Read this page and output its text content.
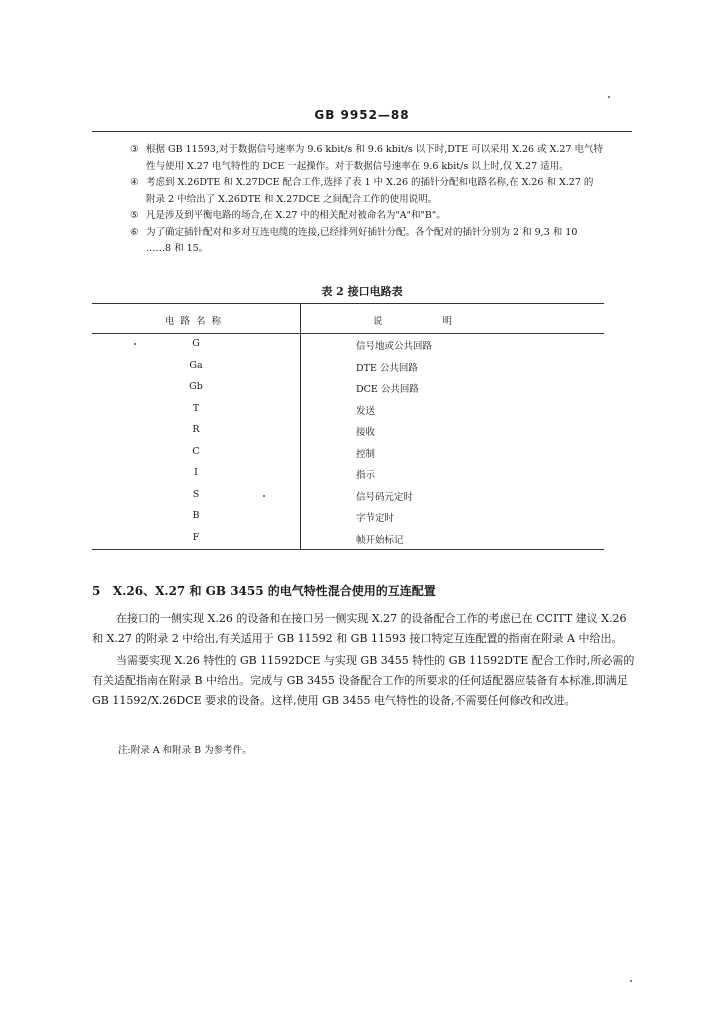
GB 9952—88
③ 根据 GB 11593,对于数据信号速率为 9.6 kbit/s 和 9.6 kbit/s 以下时,DTE 可以采用 X.26 或 X.27 电气特
性与使用 X.27 电气特性的 DCE 一起操作。对于数据信号速率在 9.6 kbit/s 以上时,仅 X.27 适用。
④ 考虑到 X.26DTE 和 X.27DCE 配合工作,选择了表 1 中 X.26 的插针分配和电路名称,在 X.26 和 X.27 的
附录 2 中给出了 X.26DTE 和 X.27DCE 之间配合工作的使用说明。
⑤ 凡是涉及到平衡电路的场合,在 X.27 中的相关配对被命名为"A"和"B"。
⑥ 为了确定插针配对和多对互连电缆的连接,已经排列好插针分配。各个配对的插针分别为 2 和 9,3 和 10
……8 和 15。
表 2 接口电路表
电路名称	说明
G	信号地或公共回路
Ga	DTE 公共回路
Gb	DCE 公共回路
T	发送
R	接收
C	控制
I	指示
S	信号码元定时
B	字节定时
F	帧开始标记
5 X.26、X.27 和 GB 3455 的电气特性混合使用的互连配置

在接口的一侧实现 X.26 的设备和在接口另一侧实现 X.27 的设备配合工作的考虑已在 CCITT 建议 X.26 和 X.27 的附录 2 中给出,有关适用于 GB 11592 和 GB 11593 接口特定互连配置的指南在附录 A 中给出。

当需要实现 X.26 特性的 GB 11592DCE 与实现 GB 3455 特性的 GB 11592DTE 配合工作时,所必需的有关适配指南在附录 B 中给出。完成与 GB 3455 设备配合工作的所要求的任何适配器应装备有本标准,即满足 GB 11592/X.26DCE 要求的设备。这样,使用 GB 3455 电气特性的设备,不需要任何修改和改进。

注:附录 A 和附录 B 为参考件。
